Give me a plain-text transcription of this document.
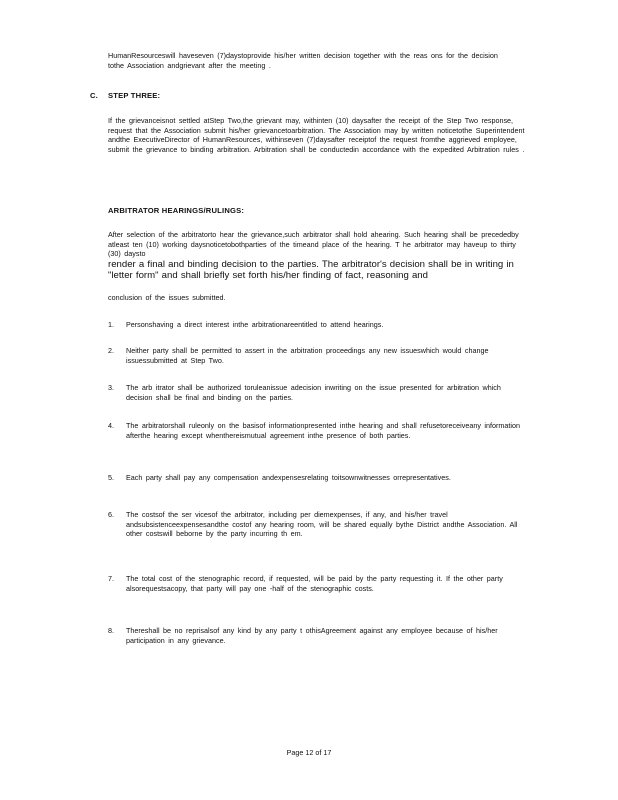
HumanResourceswill haveseven (7)daystoprovide his/her written decision together with the reas ons for the decision tothe Association andgrievant after the meeting .
C. STEP THREE:
If the grievanceisnot settled atStep Two,the grievant may, withinten (10) daysafter the receipt of the Step Two response, request that the Association submit his/her grievancetoarbitration. The Association may by written noticetothe Superintendent andthe ExecutiveDirector of HumanResources, withinseven (7)daysafter receiptof the request fromthe aggrieved employee, submit the grievance to binding arbitration. Arbitration shall be conductedin accordance with the expedited Arbitration rules .
ARBITRATOR HEARINGS/RULINGS:
After selection of the arbitratorto hear the grievance,such arbitrator shall hold ahearing. Such hearing shall be precededby atleast ten (10) working daysnoticetobothparties of the timeand place of the hearing. T he arbitrator may haveup to thirty (30) daysto
render a final and binding decision to the parties. The arbitrator's decision shall be in writing in "letter form" and shall briefly set forth his/her finding of fact, reasoning and
conclusion of the issues submitted.
1. Personshaving a direct interest inthe arbitrationareentitled to attend hearings.
2. Neither party shall be permitted to assert in the arbitration proceedings any new issueswhich would change issuessubmitted at Step Two.
3. The arb itrator shall be authorized toruleanissue adecision inwriting on the issue presented for arbitration which decision shall be final and binding on the parties.
4. The arbitratorshall ruleonly on the basisof informationpresented inthe hearing and shall refusetoreceiveany information afterthe hearing except whenthereismutual agreement inthe presence of both parties.
5. Each party shall pay any compensation andexpensesrelating toitsownwitnesses orrepresentatives.
6. The costsof the ser vicesof the arbitrator, including per diemexpenses, if any, and his/her travel andsubsistenceexpensesandthe costof any hearing room, will be shared equally bythe District andthe Association. All other costswill beborne by the party incurring th em.
7. The total cost of the stenographic record, if requested, will be paid by the party requesting it. If the other party alsorequestsacopy, that party will pay one -half of the stenographic costs.
8. Thereshall be no reprisalsof any kind by any party t othisAgreement against any employee because of his/her participation in any grievance.
Page 12 of 17
